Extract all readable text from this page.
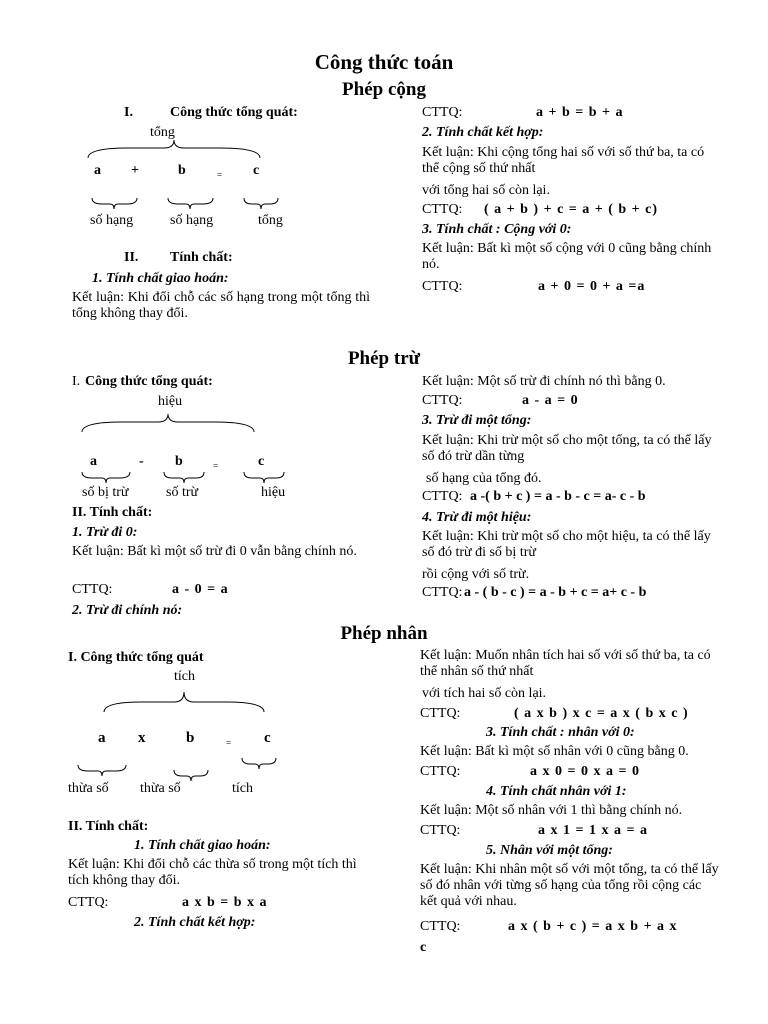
Công thức toán
Phép cộng
I.	Công thức tổng quát:
tổng
a +	b	= c
số hạng	số hạng	tổng
II. Tính chất:
1. Tính chất giao hoán:
Kết luận: Khi đổi chỗ các số hạng trong một tổng thì tổng không thay đổi.
CTTQ:	a + b = b + a
2. Tính chất kết hợp:
Kết luận: Khi cộng tổng hai số với số thứ ba, ta có thể cộng số thứ nhất
với tổng hai số còn lại.
CTTQ: ( a + b ) + c = a + ( b + c)
3. Tính chất : Cộng với 0:
Kết luận: Bất kì một số cộng với 0 cũng bằng chính nó.
CTTQ:	a + 0 = 0 + a =a
Phép trừ
I. Công thức tổng quát:
hiệu
a	- b	=	c
số bị trừ	số trừ	hiệu
II. Tính chất:
1. Trừ đi 0:
Kết luận: Bất kì một số trừ đi 0 vẫn bằng chính nó.
CTTQ:	a - 0 = a
2. Trừ đi chính nó:
Kết luận: Một số trừ đi chính nó thì bằng 0.
CTTQ:	a - a = 0
3. Trừ đi một tổng:
Kết luận: Khi trừ một số cho một tổng, ta có thể lấy số đó trừ dần từng
số hạng của tổng đó.
CTTQ: a -( b + c ) = a - b - c = a- c - b
4. Trừ đi một hiệu:
Kết luận: Khi trừ một số cho một hiệu, ta có thể lấy số đó trừ đi số bị trừ
rồi cộng với số trừ.
CTTQ: a - ( b - c ) = a - b + c = a+ c - b
Phép nhân
I. Công thức tổng quát
tích
a x	b	= c
thừa số thừa số	tích
II. Tính chất:
1. Tính chất giao hoán:
Kết luận: Khi đổi chỗ các thừa số trong một tích thì tích không thay đổi.
CTTQ:	a x b = b x a
2. Tính chất kết hợp:
Kết luận: Muốn nhân tích hai số với số thứ ba, ta có thể nhân số thứ nhất
với tích hai số còn lại.
CTTQ:	( a x b ) x c = a x ( b x c )
3. Tính chất : nhân với 0:
Kết luận: Bất kì một số nhân với 0 cũng bằng 0.
CTTQ:	a x 0 = 0 x a = 0
4. Tính chất nhân với 1:
Kết luận: Một số nhân với 1 thì bằng chính nó.
CTTQ:	a x 1 = 1 x a = a
5. Nhân với một tổng:
Kết luận: Khi nhân một số với một tổng, ta có thể lấy số đó nhân với từng số hạng của tổng rồi cộng các kết quả với nhau.
CTTQ:	a x ( b + c ) = a x b + a x
c
